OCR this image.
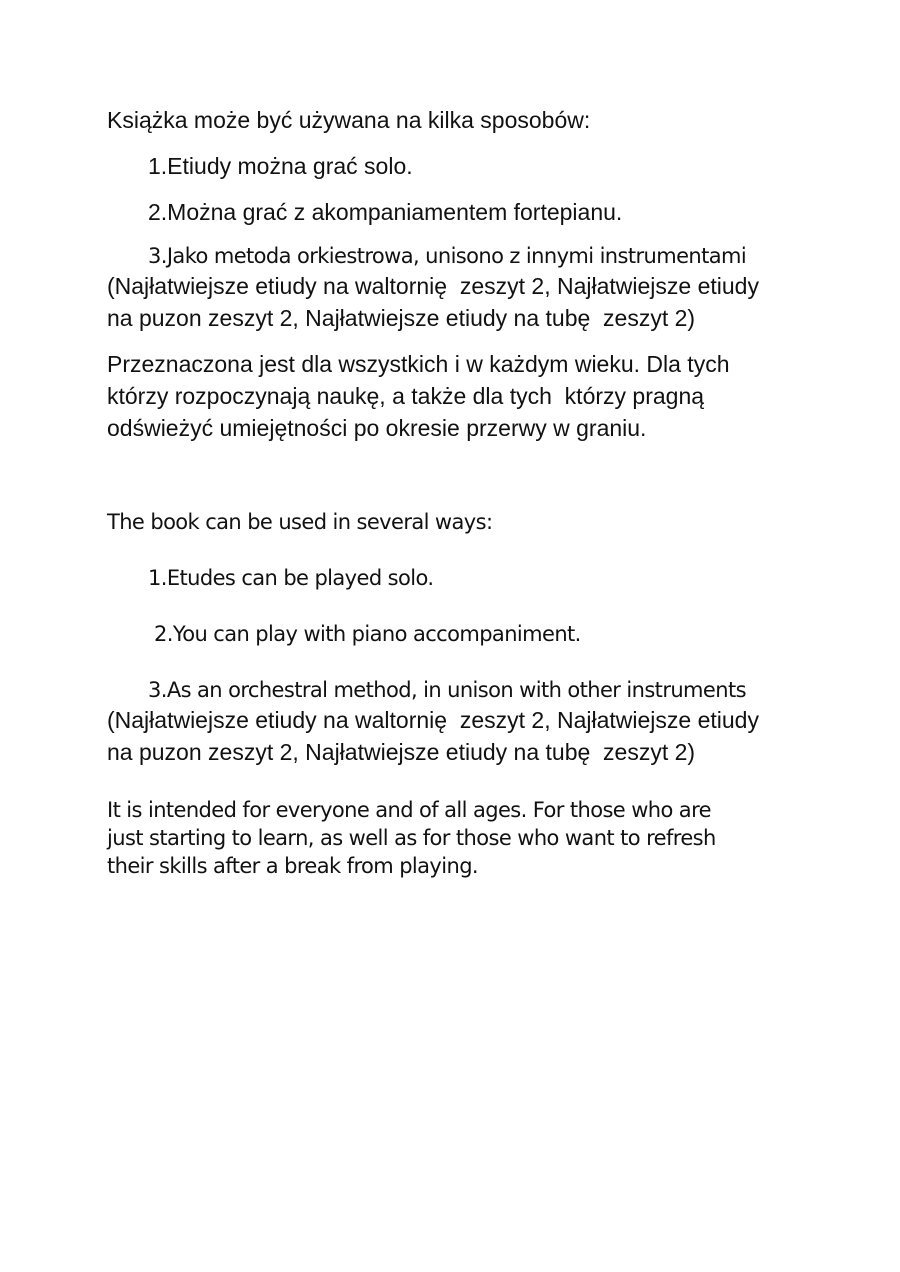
Książka może być używana na kilka sposobów:

1.Etiudy można grać solo.

2.Można grać z akompaniamentem fortepianu.

3.Jako metoda orkiestrowa, unisono z innymi instrumentami

(Najłatwiejsze etiudy na waltornię  zeszyt 2, Najłatwiejsze etiudy

na puzon zeszyt 2, Najłatwiejsze etiudy na tubę  zeszyt 2)

Przeznaczona jest dla wszystkich i w każdym wieku. Dla tych

którzy rozpoczynają naukę, a także dla tych  którzy pragną

odświeżyć umiejętności po okresie przerwy w graniu.

The book can be used in several ways:

1.Etudes can be played solo.

2.You can play with piano accompaniment.

3.As an orchestral method, in unison with other instruments

(Najłatwiejsze etiudy na waltornię  zeszyt 2, Najłatwiejsze etiudy

na puzon zeszyt 2, Najłatwiejsze etiudy na tubę  zeszyt 2)

It is intended for everyone and of all ages. For those who are

just starting to learn, as well as for those who want to refresh

their skills after a break from playing.
